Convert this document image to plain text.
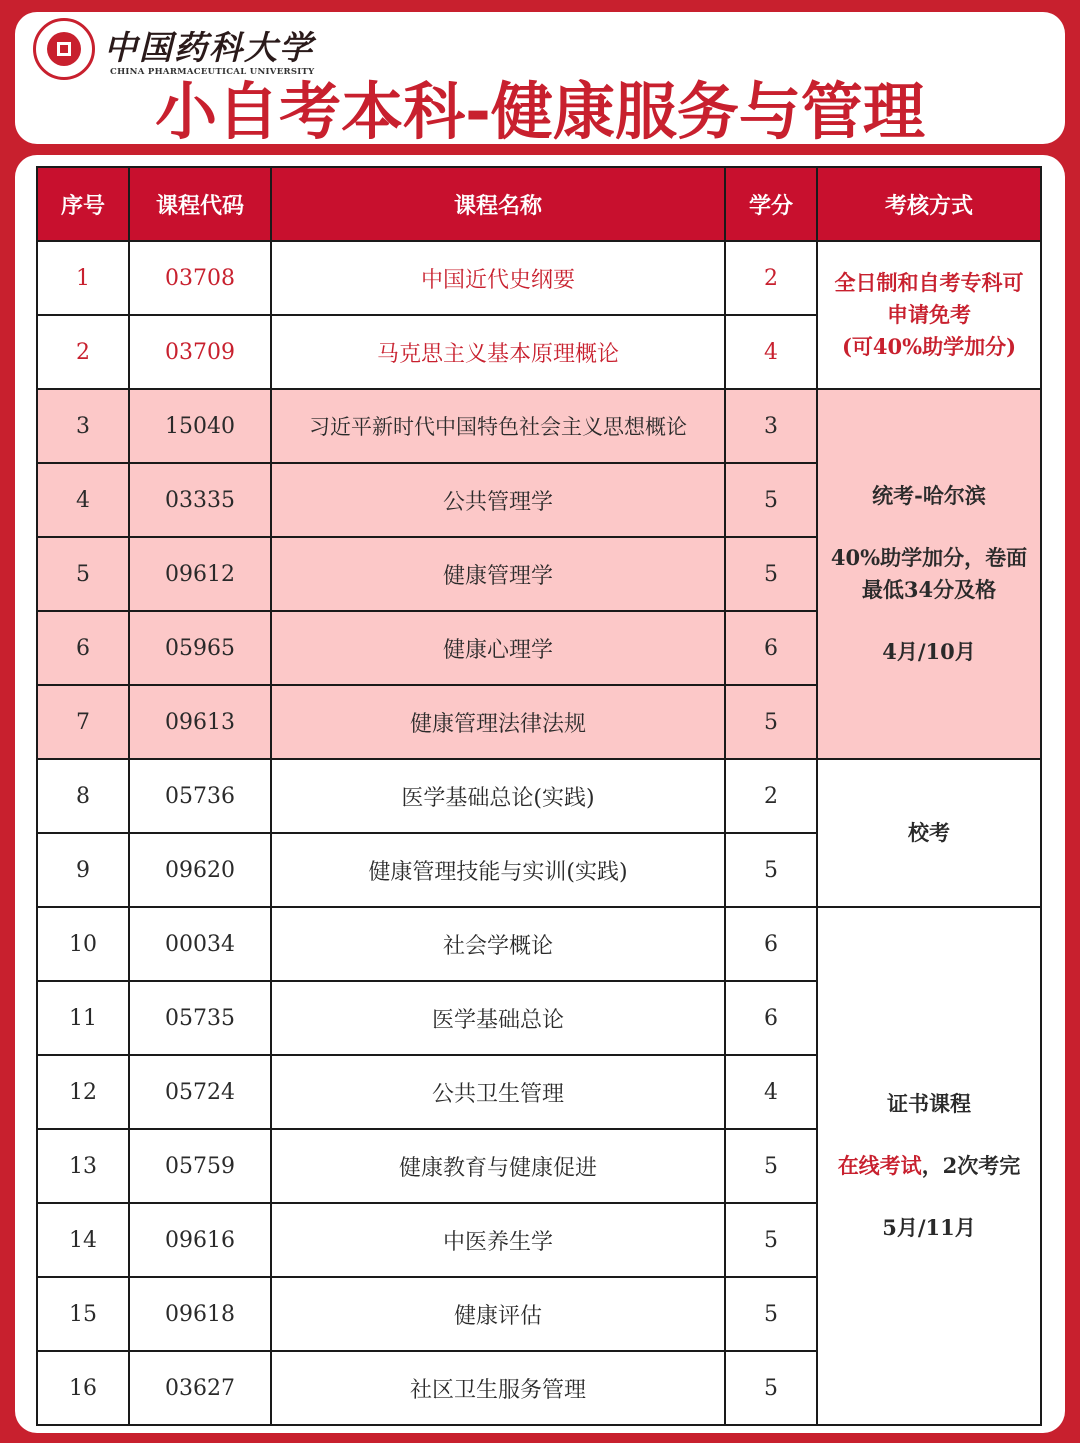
中国药科大学
CHINA PHARMACEUTICAL UNIVERSITY
小自考本科-健康服务与管理
序号	课程代码	课程名称	学分	考核方式
1	03708	中国近代史纲要	2	全日制和自考专科可
申请免考
(可40%助学加分)

2	03709	马克思主义基本原理概论	4	
3	15040	习近平新时代中国特色社会主义思想概论	3	统考-哈尔滨
40%助学加分，卷面
最低34分及格
4月/10月

4	03335	公共管理学	5	
5	09612	健康管理学	5	
6	05965	健康心理学	6	
7	09613	健康管理法律法规	5	
8	05736	医学基础总论(实践)	2	校考
9	09620	健康管理技能与实训(实践)	5	
10	00034	社会学概论	6	证书课程
在线考试，2次考完
5月/11月

11	05735	医学基础总论	6	
12	05724	公共卫生管理	4	
13	05759	健康教育与健康促进	5	
14	09616	中医养生学	5	
15	09618	健康评估	5	
16	03627	社区卫生服务管理	5	
